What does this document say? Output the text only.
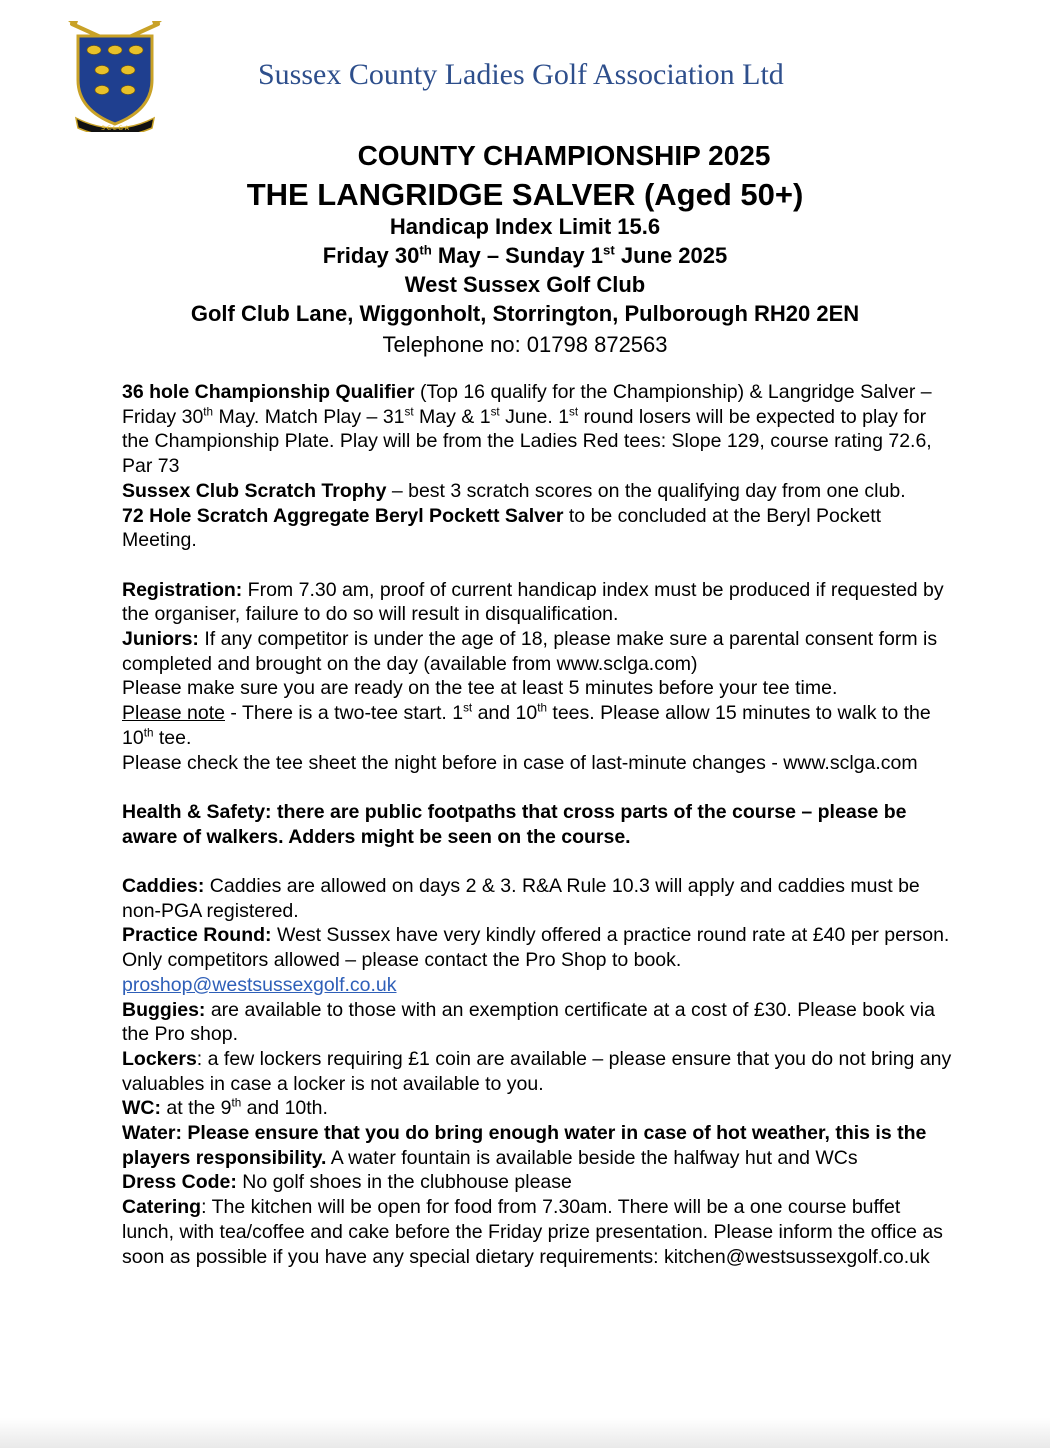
S C L G A
Sussex County Ladies Golf Association Ltd
COUNTY CHAMPIONSHIP 2025
THE LANGRIDGE SALVER (Aged 50+)
Handicap Index Limit 15.6
Friday 30th May – Sunday 1st June 2025
West Sussex Golf Club
Golf Club Lane, Wiggonholt, Storrington, Pulborough RH20 2EN
Telephone no: 01798 872563

36 hole Championship Qualifier (Top 16 qualify for the Championship) & Langridge Salver – Friday 30th May. Match Play – 31st May & 1st June. 1st round losers will be expected to play for the Championship Plate. Play will be from the Ladies Red tees: Slope 129, course rating 72.6, Par 73

Sussex Club Scratch Trophy – best 3 scratch scores on the qualifying day from one club.

72 Hole Scratch Aggregate Beryl Pockett Salver to be concluded at the Beryl Pockett Meeting.

Registration: From 7.30 am, proof of current handicap index must be produced if requested by the organiser, failure to do so will result in disqualification.

Juniors: If any competitor is under the age of 18, please make sure a parental consent form is completed and brought on the day (available from www.sclga.com)

Please make sure you are ready on the tee at least 5 minutes before your tee time.

Please note - There is a two-tee start. 1st and 10th tees. Please allow 15 minutes to walk to the 10th tee.

Please check the tee sheet the night before in case of last-minute changes - www.sclga.com

Health & Safety: there are public footpaths that cross parts of the course – please be aware of walkers. Adders might be seen on the course.

Caddies: Caddies are allowed on days 2 & 3. R&A Rule 10.3 will apply and caddies must be non-PGA registered.

Practice Round: West Sussex have very kindly offered a practice round rate at £40 per person. Only competitors allowed – please contact the Pro Shop to book.
proshop@westsussexgolf.co.uk

Buggies: are available to those with an exemption certificate at a cost of £30. Please book via the Pro shop.

Lockers: a few lockers requiring £1 coin are available – please ensure that you do not bring any valuables in case a locker is not available to you.

WC: at the 9th and 10th.

Water: Please ensure that you do bring enough water in case of hot weather, this is the players responsibility. A water fountain is available beside the halfway hut and WCs

Dress Code: No golf shoes in the clubhouse please

Catering: The kitchen will be open for food from 7.30am. There will be a one course buffet lunch, with tea/coffee and cake before the Friday prize presentation. Please inform the office as soon as possible if you have any special dietary requirements: kitchen@westsussexgolf.co.uk
